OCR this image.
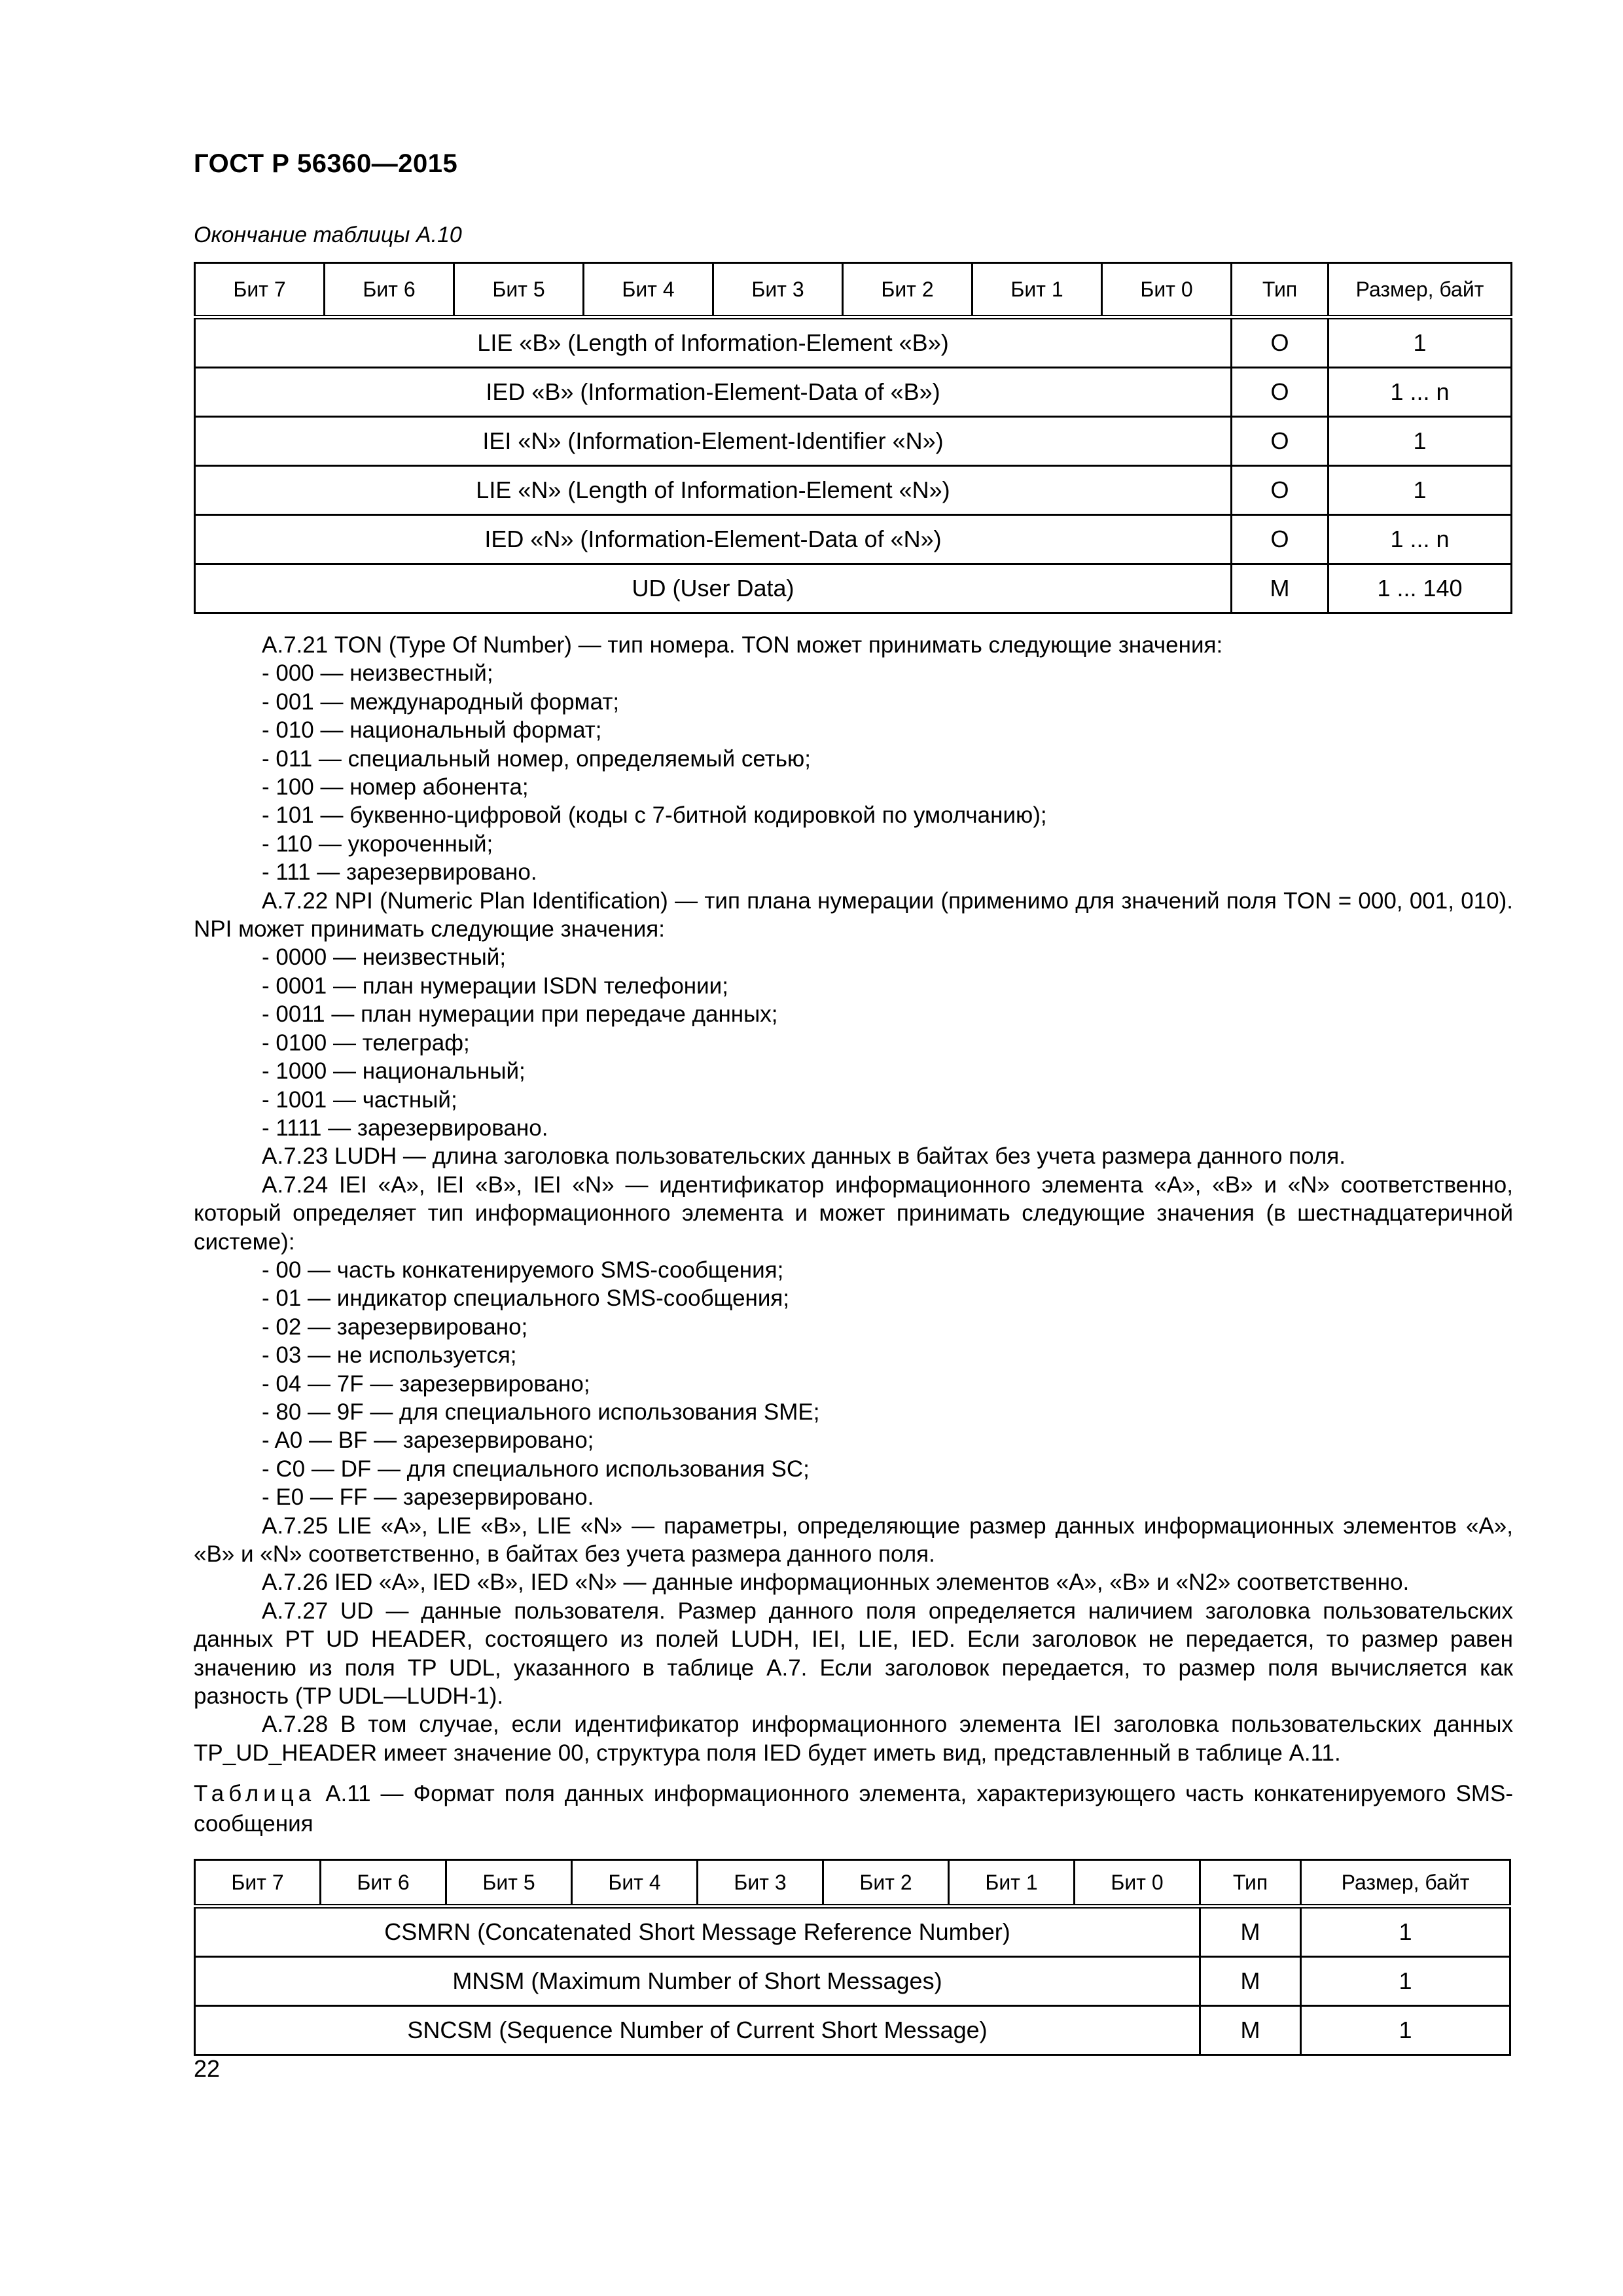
ГОСТ Р 56360—2015
Окончание таблицы А.10
Бит 7	Бит 6	Бит 5	Бит 4	Бит 3	Бит 2	Бит 1	Бит 0	Тип	Размер, байт
LIE «В» (Length of Information-Element «В»)								O	1
IED «В» (Information-Element-Data of «В»)								O	1 ... n
IEI «N» (Information-Element-Identifier «N»)								O	1
LIE «N» (Length of Information-Element «N»)								O	1
IED «N» (Information-Element-Data of «N»)								O	1 ... n
UD (User Data)								M	1 ... 140

А.7.21 TON (Type Of Number) — тип номера. TON может принимать следующие значения:

- 000 — неизвестный;

- 001 — международный формат;

- 010 — национальный формат;

- 011 — специальный номер, определяемый сетью;

- 100 — номер абонента;

- 101 — буквенно-цифровой (коды с 7-битной кодировкой по умолчанию);

- 110 — укороченный;

- 111 — зарезервировано.

А.7.22 NPI (Numeric Plan Identification) — тип плана нумерации (применимо для значений поля TON = 000, 001, 010). NPI может принимать следующие значения:

- 0000 — неизвестный;

- 0001 — план нумерации ISDN телефонии;

- 0011 — план нумерации при передаче данных;

- 0100 — телеграф;

- 1000 — национальный;

- 1001 — частный;

- 1111 — зарезервировано.

А.7.23 LUDH — длина заголовка пользовательских данных в байтах без учета размера данного поля.

А.7.24 IEI «А», IEI «В», IEI «N» — идентификатор информационного элемента «А», «В» и «N» соответственно, который определяет тип информационного элемента и может принимать следующие значения (в шестнадцатеричной системе):

- 00 — часть конкатенируемого SMS-сообщения;

- 01 — индикатор специального SMS-сообщения;

- 02 — зарезервировано;

- 03 — не используется;

- 04 — 7F — зарезервировано;

- 80 — 9F — для специального использования SME;

- A0 — BF — зарезервировано;

- C0 — DF — для специального использования SC;

- E0 — FF — зарезервировано.

А.7.25 LIE «А», LIE «В», LIE «N» — параметры, определяющие размер данных информационных элементов «А», «В» и «N» соответственно, в байтах без учета размера данного поля.

А.7.26 IED «А», IED «В», IED «N» — данные информационных элементов «А», «В» и «N2» соответственно.

А.7.27 UD — данные пользователя. Размер данного поля определяется наличием заголовка пользовательских данных PT UD HEADER, состоящего из полей LUDH, IEI, LIE, IED. Если заголовок не передается, то размер равен значению из поля TP UDL, указанного в таблице А.7. Если заголовок передается, то размер поля вычисляется как разность (TP UDL—LUDH-1).

А.7.28 В том случае, если идентификатор информационного элемента IEI заголовка пользовательских данных TP_UD_HEADER имеет значение 00, структура поля IED будет иметь вид, представленный в таблице А.11.

Таблица А.11 — Формат поля данных информационного элемента, характеризующего часть конкатенируемого SMS-сообщения
Бит 7	Бит 6	Бит 5	Бит 4	Бит 3	Бит 2	Бит 1	Бит 0	Тип	Размер, байт
CSMRN (Concatenated Short Message Reference Number)								M	1
MNSM (Maximum Number of Short Messages)								M	1
SNCSM (Sequence Number of Current Short Message)								M	1
22
